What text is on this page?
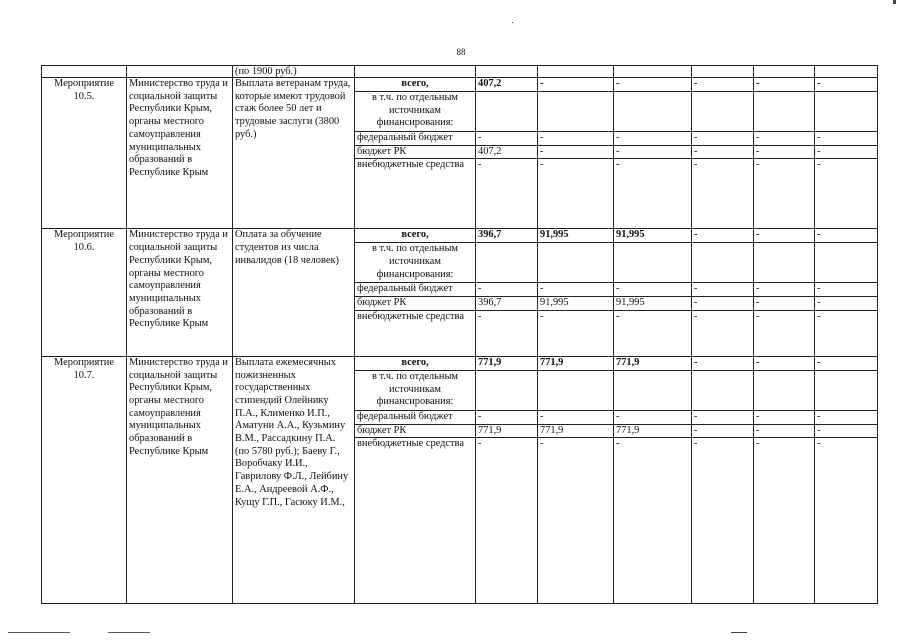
88
		(по 1900 руб.)							
Мероприятие 10.5.	Министерство труда и социальной защиты Республики Крым, органы местного самоуправления муниципальных образований в Республике Крым	Выплата ветеранам труда, которые имеют трудовой стаж более 50 лет и трудовые заслуги (3800 руб.)	всего,	407,2	-	-	-	-	-
			в т.ч. по отдельным источникам финансирования:						
			федеральный бюджет	-	-	-	-	-	-
			бюджет РК	407,2	-	-	-	-	-
			внебюджетные средства	-	-	-	-	-	-
Мероприятие 10.6.	Министерство труда и социальной защиты Республики Крым, органы местного самоуправления муниципальных образований в Республике Крым	Оплата за обучение студентов из числа инвалидов (18 человек)	всего,	396,7	91,995	91,995	-	-	-
			в т.ч. по отдельным источникам финансирования:						
			федеральный бюджет	-	-	-	-	-	-
			бюджет РК	396,7	91,995	91,995	-	-	-
			внебюджетные средства	-	-	-	-	-	-
Мероприятие 10.7.	Министерство труда и социальной защиты Республики Крым, органы местного самоуправления муниципальных образований в Республике Крым	Выплата ежемесячных пожизненных государственных стипендий Олейнику П.А., Клименко И.П., Аматуни А.А., Кузьмину В.М., Рассадкину П.А. (по 5780 руб.); Баеву Г., Воробчаку И.И., Гаврилову Ф.Л., Лейбину Е.А., Андреевой А.Ф., Кущу Г.П., Гасюку И.М.,	всего,	771,9	771,9	771,9	-	-	-
			в т.ч. по отдельным источникам финансирования:						
			федеральный бюджет	-	-	-	-	-	-
			бюджет РК	771,9	771,9	771,9	-	-	-
			внебюджетные средства	-	-	-	-	-	-
